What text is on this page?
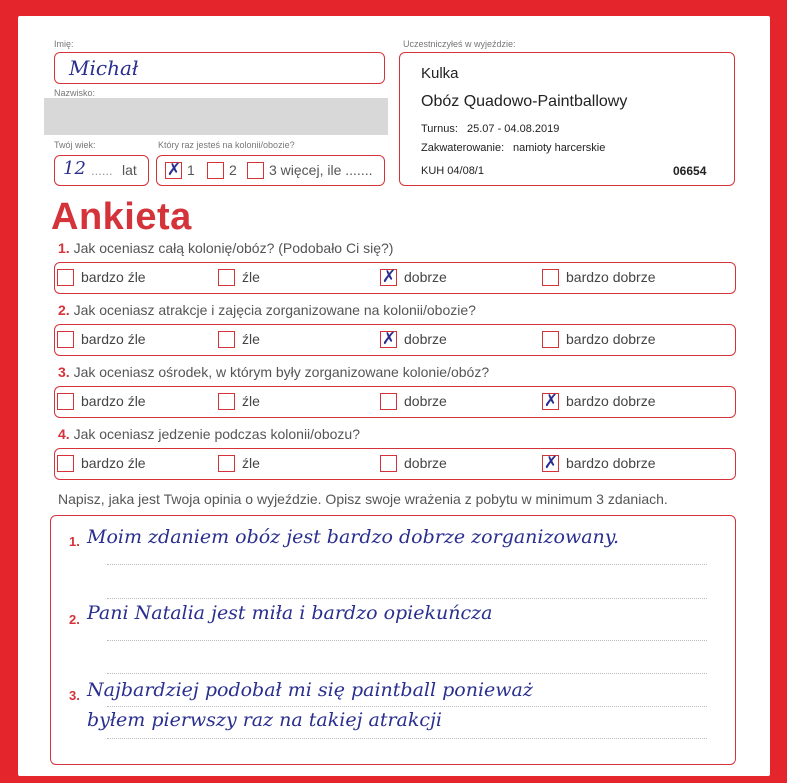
Imię:
Michał
Nazwisko:
Twój wiek:
12 ...... lat
Który raz jesteś na kolonii/obozie?
✗ 1 2 3 więcej, ile .......
Uczestniczyłeś w wyjeździe:
Kulka
Obóz Quadowo-Paintballowy
Turnus: 25.07 - 04.08.2019
Zakwaterowanie: namioty harcerskie
KUH 04/08/1	06654
Ankieta
1. Jak oceniasz całą kolonię/obóz? (Podobało Ci się?)
bardzo źle	źle	✗ dobrze	bardzo dobrze
2. Jak oceniasz atrakcje i zajęcia zorganizowane na kolonii/obozie?
bardzo źle	źle	✗ dobrze	bardzo dobrze
3. Jak oceniasz ośrodek, w którym były zorganizowane kolonie/obóz?
bardzo źle	źle	dobrze	✗ bardzo dobrze
4. Jak oceniasz jedzenie podczas kolonii/obozu?
bardzo źle	źle	dobrze	✗ bardzo dobrze
Napisz, jaka jest Twoja opinia o wyjeździe. Opisz swoje wrażenia z pobytu w minimum 3 zdaniach.
1. Moim zdaniem obóz jest bardzo dobrze zorganizowany.
2. Pani Natalia jest miła i bardzo opiekuńcza
3. Najbardziej podobał mi się paintball ponieważ
byłem pierwszy raz na takiej atrakcji
